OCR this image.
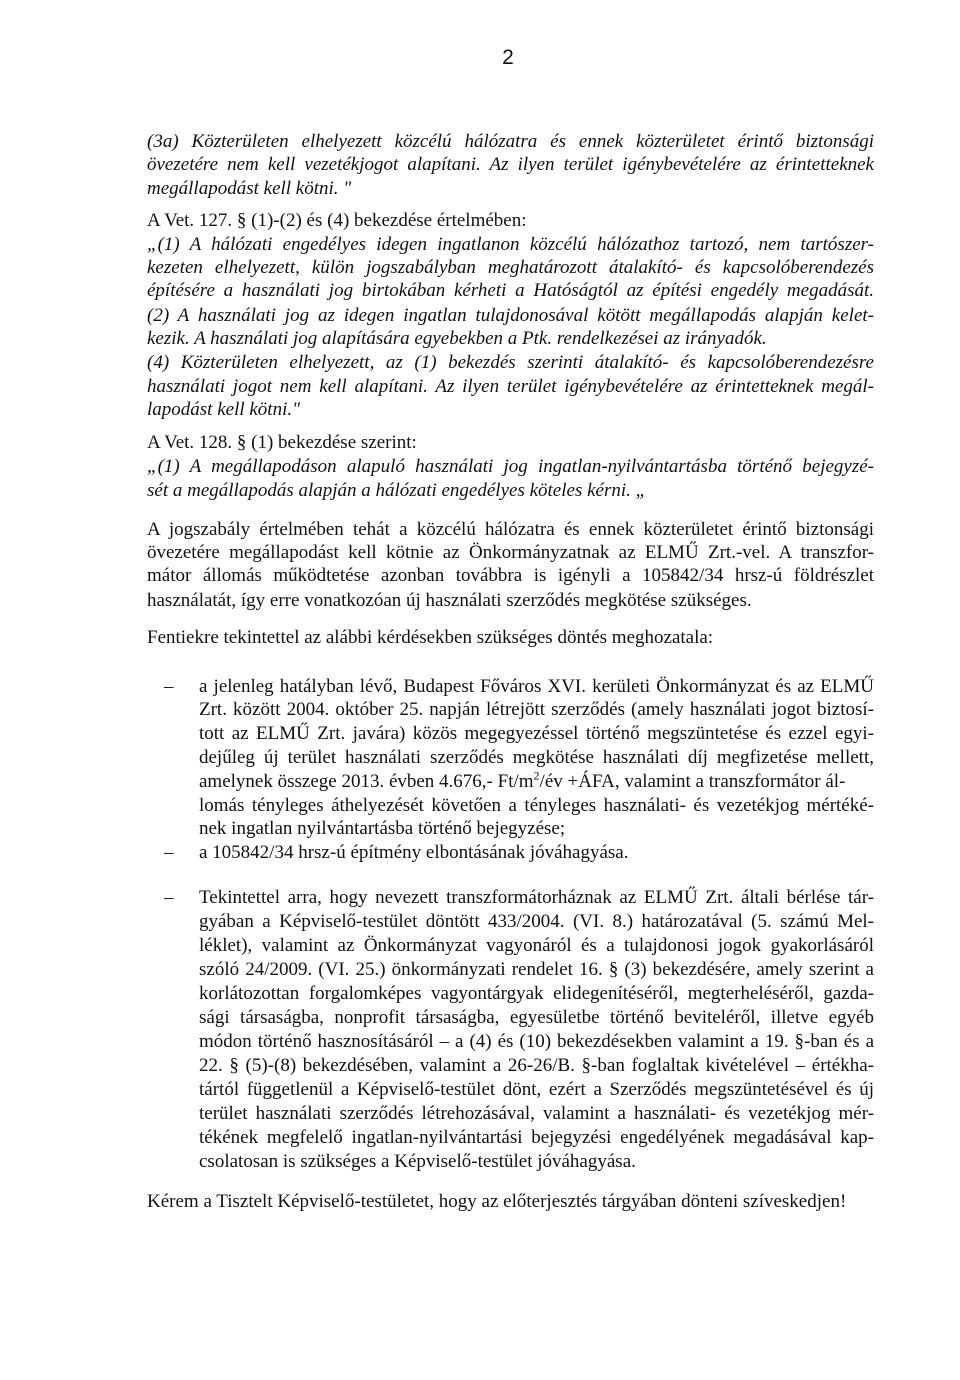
2
(3a) Közterületen elhelyezett közcélú hálózatra és ennek közterületet érintő biztonsági
övezetére nem kell vezetékjogot alapítani. Az ilyen terület igénybevételére az érintetteknek
megállapodást kell kötni. "
A Vet. 127. § (1)-(2) és (4) bekezdése értelmében:
„(1) A hálózati engedélyes idegen ingatlanon közcélú hálózathoz tartozó, nem tartószer-
kezeten elhelyezett, külön jogszabályban meghatározott átalakító- és kapcsolóberendezés
építésére a használati jog birtokában kérheti a Hatóságtól az építési engedély megadását.
(2) A használati jog az idegen ingatlan tulajdonosával kötött megállapodás alapján kelet-
kezik. A használati jog alapítására egyebekben a Ptk. rendelkezései az irányadók.
(4) Közterületen elhelyezett, az (1) bekezdés szerinti átalakító- és kapcsolóberendezésre
használati jogot nem kell alapítani. Az ilyen terület igénybevételére az érintetteknek megál-
lapodást kell kötni."
A Vet. 128. § (1) bekezdése szerint:
„(1) A megállapodáson alapuló használati jog ingatlan-nyilvántartásba történő bejegyzé-
sét a megállapodás alapján a hálózati engedélyes köteles kérni. „
A jogszabály értelmében tehát a közcélú hálózatra és ennek közterületet érintő biztonsági
övezetére megállapodást kell kötnie az Önkormányzatnak az ELMŰ Zrt.-vel. A transzfor-
mátor állomás működtetése azonban továbbra is igényli a 105842/34 hrsz-ú földrészlet
használatát, így erre vonatkozóan új használati szerződés megkötése szükséges.
Fentiekre tekintettel az alábbi kérdésekben szükséges döntés meghozatala:
– a jelenleg hatályban lévő, Budapest Főváros XVI. kerületi Önkormányzat és az ELMŰ
Zrt. között 2004. október 25. napján létrejött szerződés (amely használati jogot biztosí-
tott az ELMŰ Zrt. javára) közös megegyezéssel történő megszüntetése és ezzel egyi-
dejűleg új terület használati szerződés megkötése használati díj megfizetése mellett,
amelynek összege 2013. évben 4.676,- $Ft/m^2/év$ +ÁFA, valamint a transzformátor ál-
lomás tényleges áthelyezését követően a tényleges használati- és vezetékjog mértéké-
nek ingatlan nyilvántartásba történő bejegyzése;
– a 105842/34 hrsz-ú építmény elbontásának jóváhagyása.
– Tekintettel arra, hogy nevezett transzformátorháznak az ELMŰ Zrt. általi bérlése tár-
gyában a Képviselő-testület döntött 433/2004. (VI. 8.) határozatával (5. számú Mel-
léklet), valamint az Önkormányzat vagyonáról és a tulajdonosi jogok gyakorlásáról
szóló 24/2009. (VI. 25.) önkormányzati rendelet 16. § (3) bekezdésére, amely szerint a
korlátozottan forgalomképes vagyontárgyak elidegenítéséről, megterheléséről, gazda-
sági társaságba, nonprofit társaságba, egyesületbe történő beviteléről, illetve egyéb
módon történő hasznosításáról – a (4) és (10) bekezdésekben valamint a 19. §-ban és a
22. § (5)-(8) bekezdésében, valamint a 26-26/B. §-ban foglaltak kivételével – értékha-
tártól függetlenül a Képviselő-testület dönt, ezért a Szerződés megszüntetésével és új
terület használati szerződés létrehozásával, valamint a használati- és vezetékjog mér-
tékének megfelelő ingatlan-nyilvántartási bejegyzési engedélyének megadásával kap-
csolatosan is szükséges a Képviselő-testület jóváhagyása.
Kérem a Tisztelt Képviselő-testületet, hogy az előterjesztés tárgyában dönteni szíveskedjen!
